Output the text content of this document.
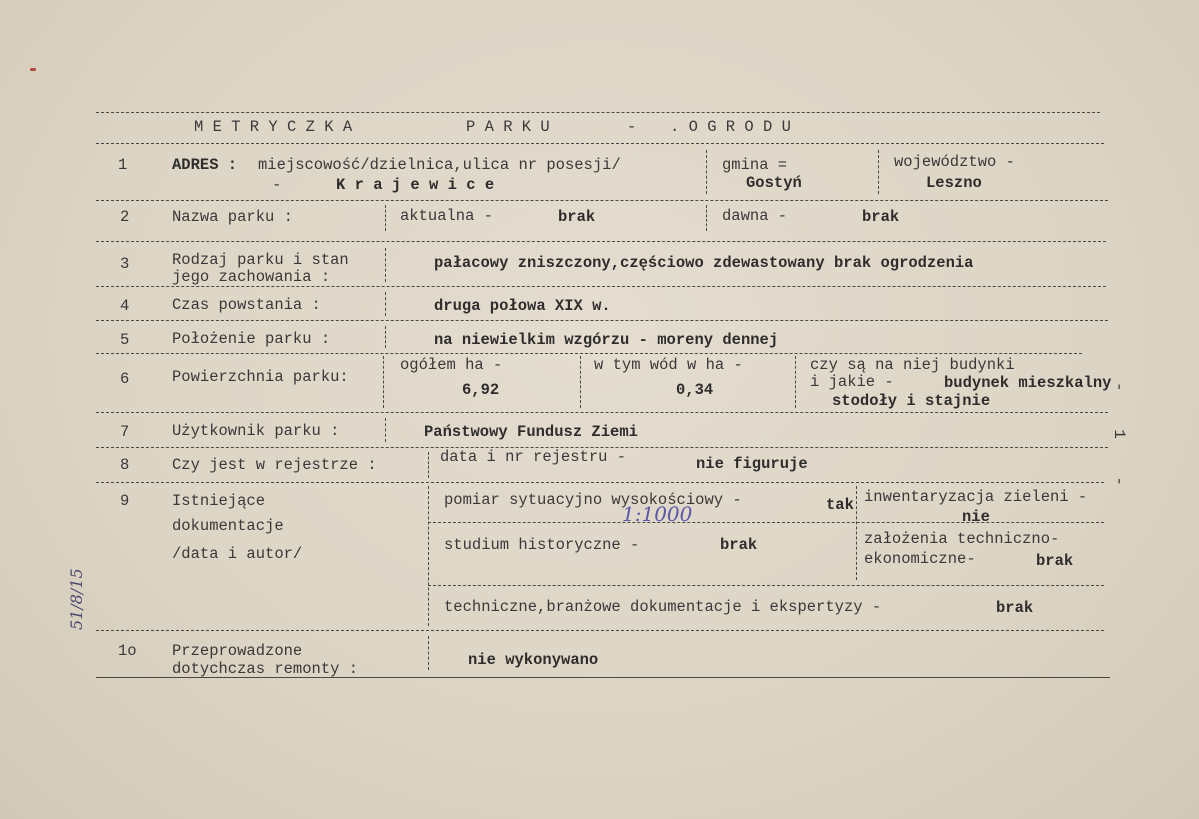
M E T R Y C Z K A	P A R K U	- . O G R O D U
1	ADRES : miejscowość/dzielnica,ulica nr posesji/
-	K r a j e w i c e
gmina =
Gostyń
województwo -
Leszno
2	Nazwa parku :	aktualna -	brak	dawna -	brak
3	Rodzaj parku i stan
jego zachowania :
pałacowy zniszczony,częściowo zdewastowany brak ogrodzenia
4	Czas powstania :	druga połowa XIX w.
5	Położenie parku :	na niewielkim wzgórzu - moreny dennej
6	Powierzchnia parku:
ogółem ha -
6,92
w tym wód w ha -
0,34
czy są na niej budynki
i jakie -	budynek mieszkalny
stodoły i stajnie
7	Użytkownik parku :	Państwowy Fundusz Ziemi
8	Czy jest w rejestrze :	data i nr rejestru -	nie figuruje
9	Istniejące
dokumentacje
/data i autor/
pomiar sytuacyjno wysokościowy -	tak
1:1000
inwentaryzacja zieleni -
nie
studium historyczne -	brak	założenia techniczno-
ekonomiczne-	brak
techniczne,branżowe dokumentacje i ekspertyzy -	brak
1o Przeprowadzone
dotychczas remonty :	nie wykonywano
- 1 -
51/8/15
